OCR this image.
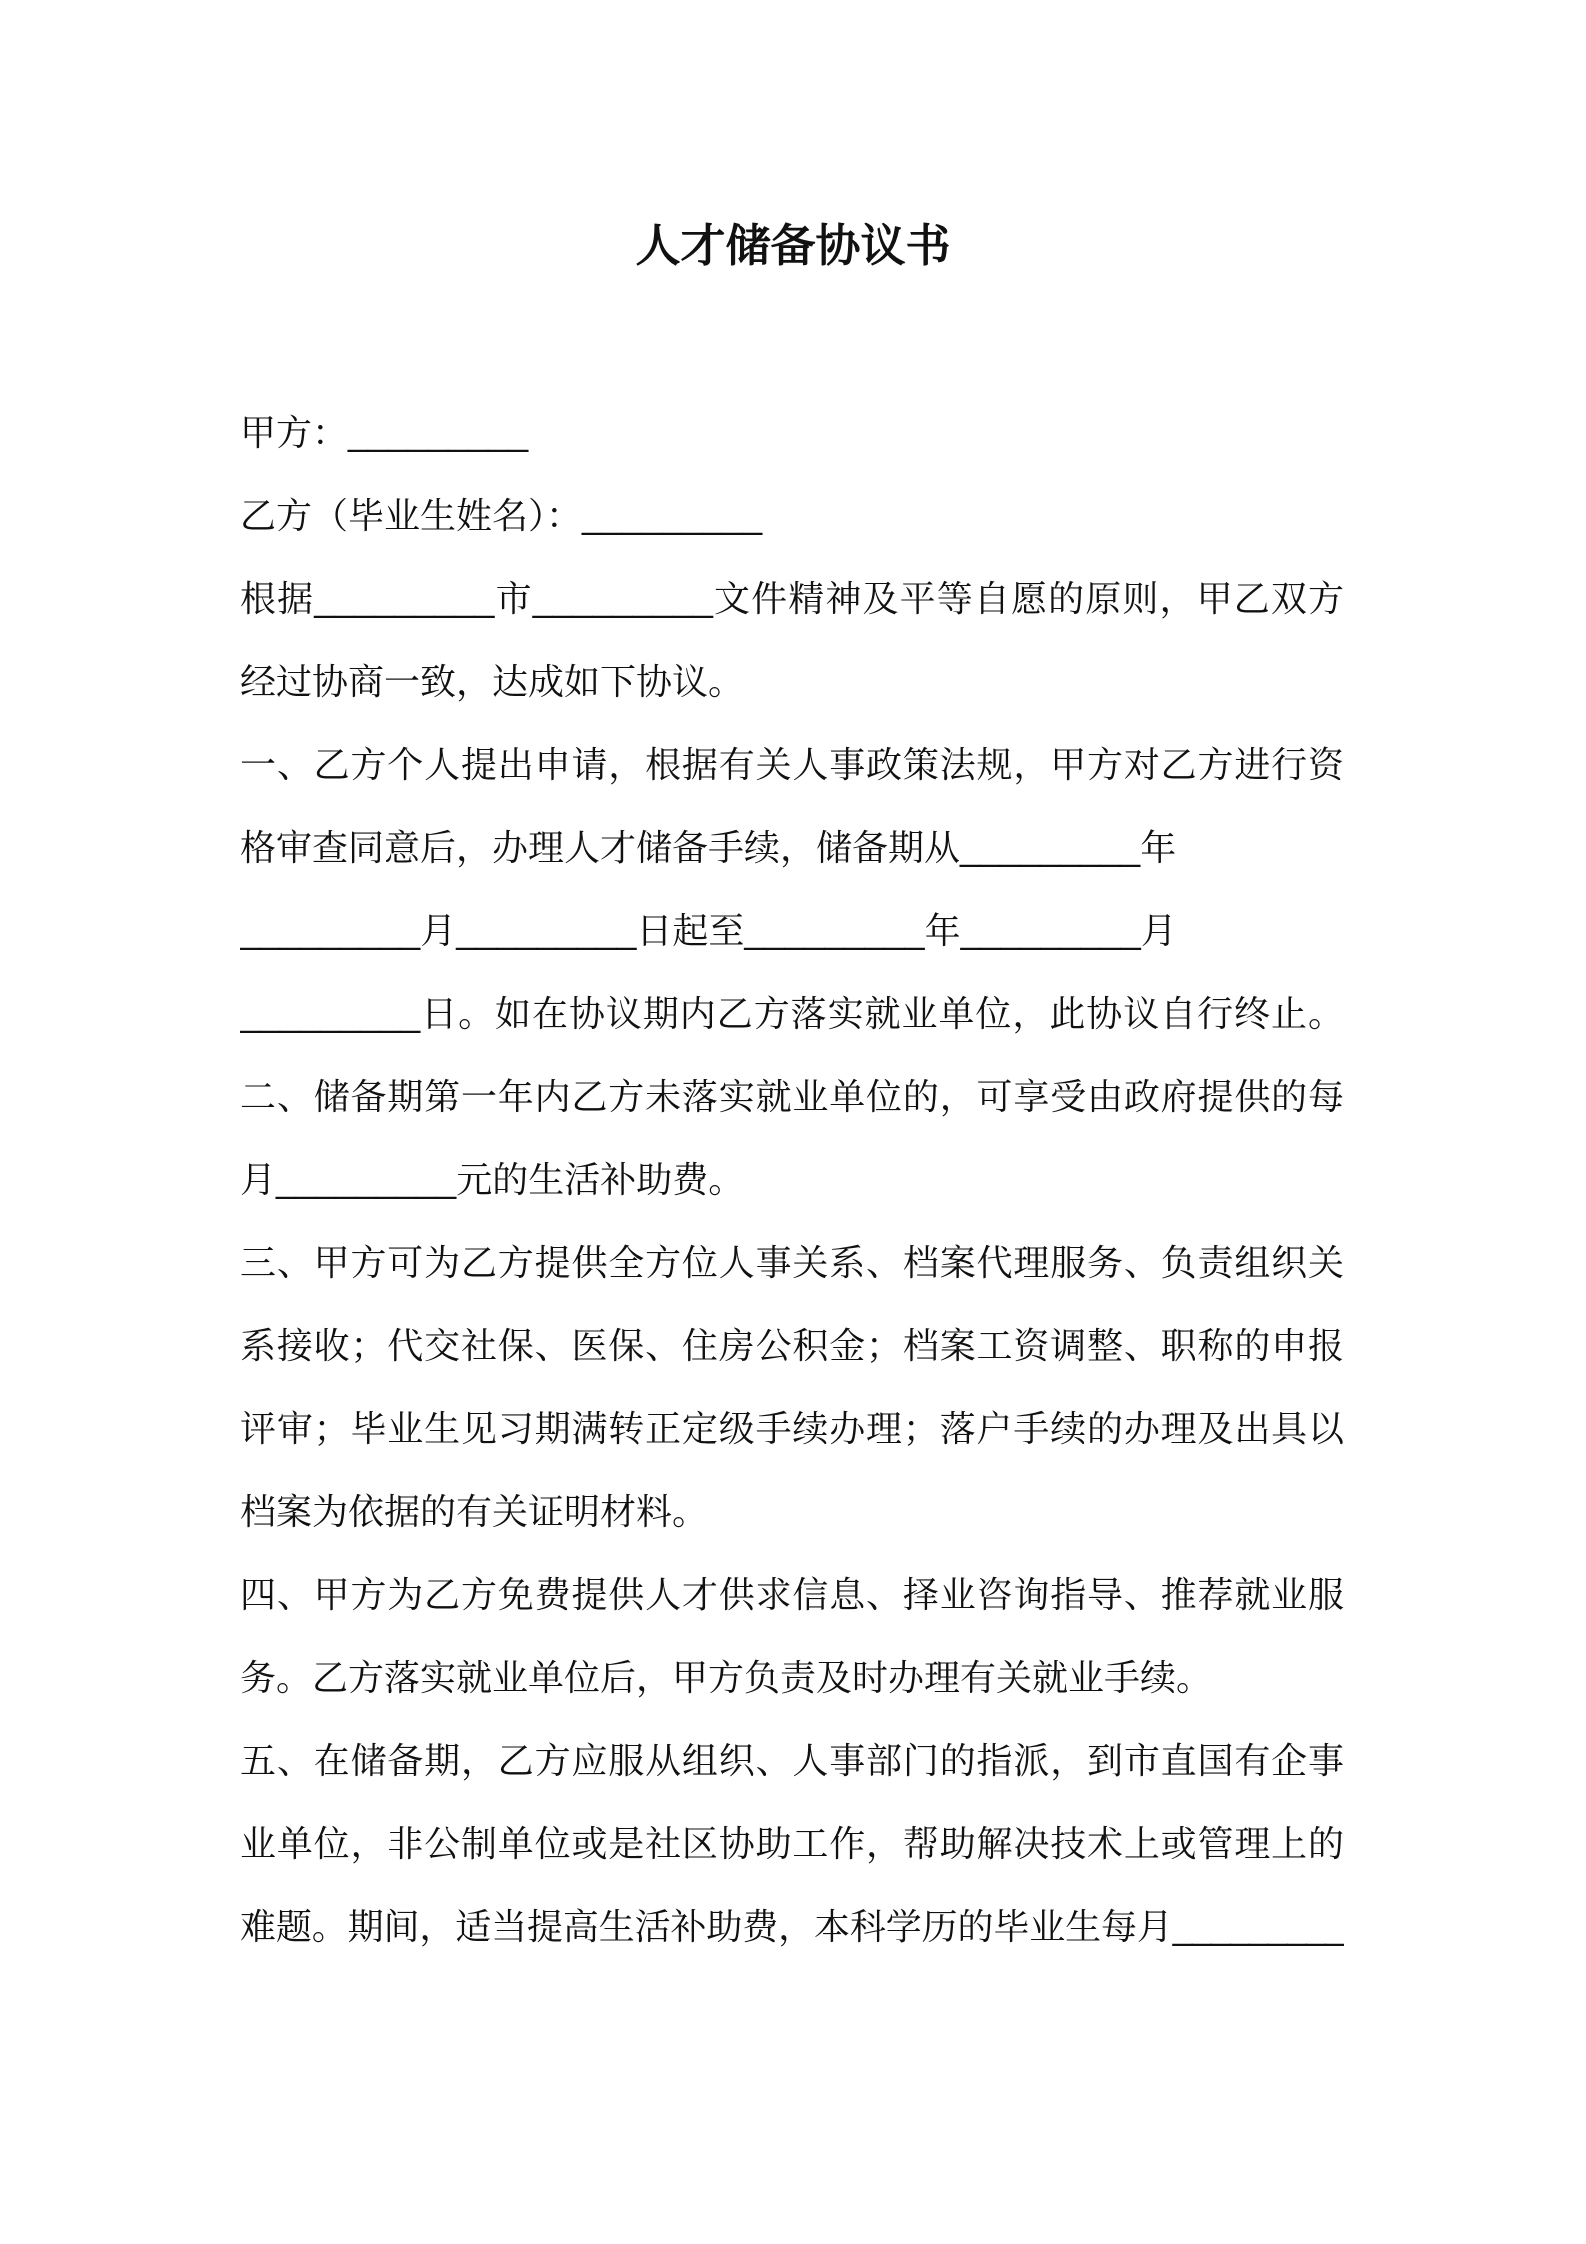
人才储备协议书
甲方：_________
乙方（毕业生姓名）：_________
根据_________市_________文件精神及平等自愿的原则，甲乙双方
经过协商一致，达成如下协议。
一、乙方个人提出申请，根据有关人事政策法规，甲方对乙方进行资
格审查同意后，办理人才储备手续，储备期从_________年
_________月_________日起至_________年_________月
_________日。如在协议期内乙方落实就业单位，此协议自行终止。
二、储备期第一年内乙方未落实就业单位的，可享受由政府提供的每
月_________元的生活补助费。
三、甲方可为乙方提供全方位人事关系、档案代理服务、负责组织关
系接收；代交社保、医保、住房公积金；档案工资调整、职称的申报
评审；毕业生见习期满转正定级手续办理；落户手续的办理及出具以
档案为依据的有关证明材料。
四、甲方为乙方免费提供人才供求信息、择业咨询指导、推荐就业服
务。乙方落实就业单位后，甲方负责及时办理有关就业手续。
五、在储备期，乙方应服从组织、人事部门的指派，到市直国有企事
业单位，非公制单位或是社区协助工作，帮助解决技术上或管理上的
难题。期间，适当提高生活补助费，本科学历的毕业生每月_________
